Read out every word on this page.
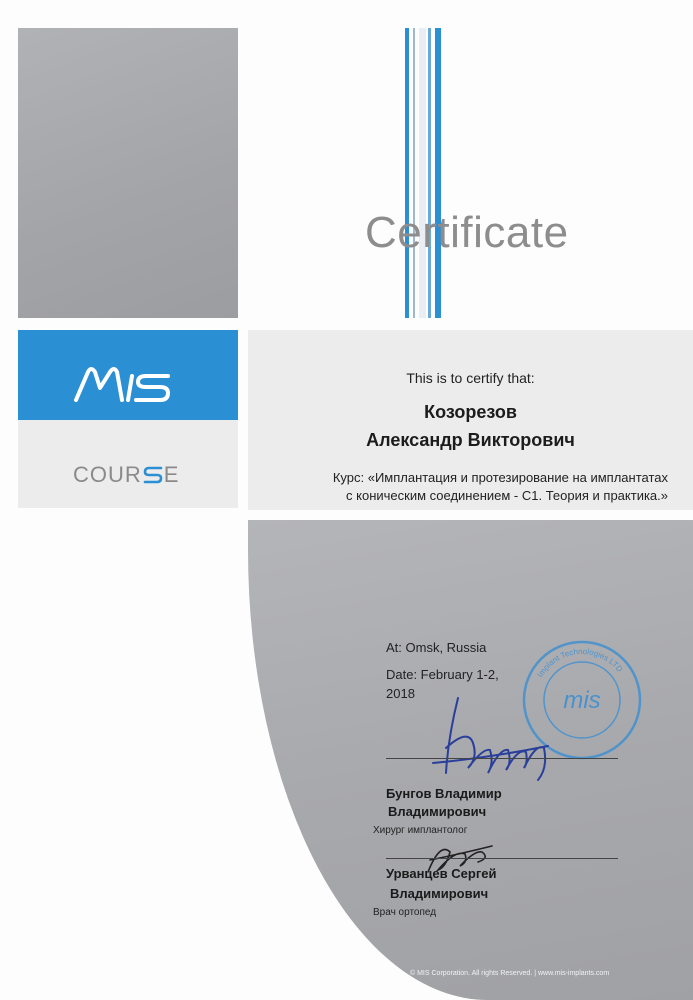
COUR E
Certificate
This is to certify that:
Козорезов
Александр Викторович
Курс: «Имплантация и протезирование на имплантатах
с коническим соединением - C1. Теория и практика.»
At: Omsk, Russia
Date: February 1-2,
2018
Implant Technologies LTD
mis
Бунгов Владимир
Владимирович
Хирург имплантолог
Урванцев Сергей
Владимирович
Врач ортопед
© MIS Corporation. All rights Reserved. | www.mis-implants.com
